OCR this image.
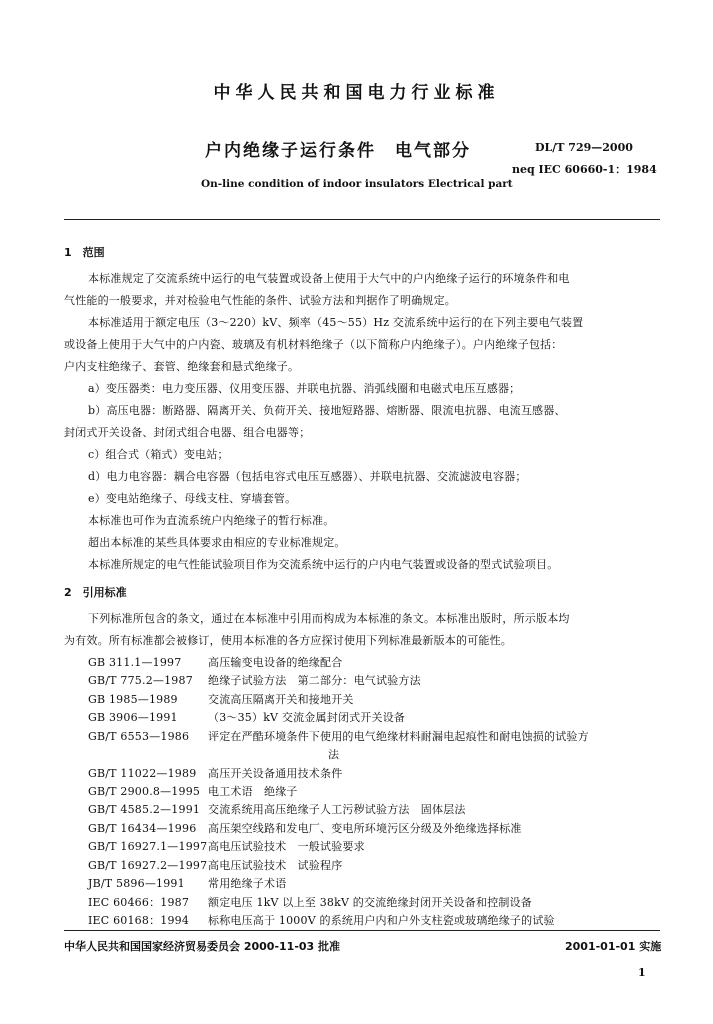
中华人民共和国电力行业标准
户内绝缘子运行条件　电气部分	DL/T 729—2000
neq IEC 60660-1：1984
On-line condition of indoor insulators Electrical part
1　范围
本标准规定了交流系统中运行的电气装置或设备上使用于大气中的户内绝缘子运行的环境条件和电
气性能的一般要求，并对检验电气性能的条件、试验方法和判据作了明确规定。
本标准适用于额定电压（3～220）kV、频率（45～55）Hz 交流系统中运行的在下列主要电气装置
或设备上使用于大气中的户内瓷、玻璃及有机材料绝缘子（以下简称户内绝缘子）。户内绝缘子包括：
户内支柱绝缘子、套管、绝缘套和悬式绝缘子。
a）变压器类：电力变压器、仪用变压器、并联电抗器、消弧线圈和电磁式电压互感器；
b）高压电器：断路器、隔离开关、负荷开关、接地短路器、熔断器、限流电抗器、电流互感器、
封闭式开关设备、封闭式组合电器、组合电器等；
c）组合式（箱式）变电站；
d）电力电容器：耦合电容器（包括电容式电压互感器）、并联电抗器、交流滤波电容器；
e）变电站绝缘子、母线支柱、穿墙套管。
本标准也可作为直流系统户内绝缘子的暂行标准。
超出本标准的某些具体要求由相应的专业标准规定。
本标准所规定的电气性能试验项目作为交流系统中运行的户内电气装置或设备的型式试验项目。
2　引用标准
下列标准所包含的条文，通过在本标准中引用而构成为本标准的条文。本标准出版时，所示版本均
为有效。所有标准都会被修订，使用本标准的各方应探讨使用下列标准最新版本的可能性。
GB 311.1—1997 高压输变电设备的绝缘配合
GB/T 775.2—1987 绝缘子试验方法　第二部分：电气试验方法
GB 1985—1989	交流高压隔离开关和接地开关
GB 3906—1991	（3～35）kV 交流金属封闭式开关设备
GB/T 6553—1986 评定在严酷环境条件下使用的电气绝缘材料耐漏电起痕性和耐电蚀损的试验方
法
GB/T 11022—1989 高压开关设备通用技术条件
GB/T 2900.8—1995 电工术语　绝缘子
GB/T 4585.2—1991 交流系统用高压绝缘子人工污秽试验方法　固体层法
GB/T 16434—1996 高压架空线路和发电厂、变电所环境污区分级及外绝缘选择标准
GB/T 16927.1—1997高电压试验技术　一般试验要求
GB/T 16927.2—1997高电压试验技术　试验程序
中华人民共和国国家经济贸易委员会 2000-11-03 批准	2001-01-01 实施
1
JB/T 5896—1991 常用绝缘子术语
IEC 60466：1987 额定电压 1kV 以上至 38kV 的交流绝缘封闭开关设备和控制设备
IEC 60168：1994 标称电压高于 1000V 的系统用户内和户外支柱瓷或玻璃绝缘子的试验
